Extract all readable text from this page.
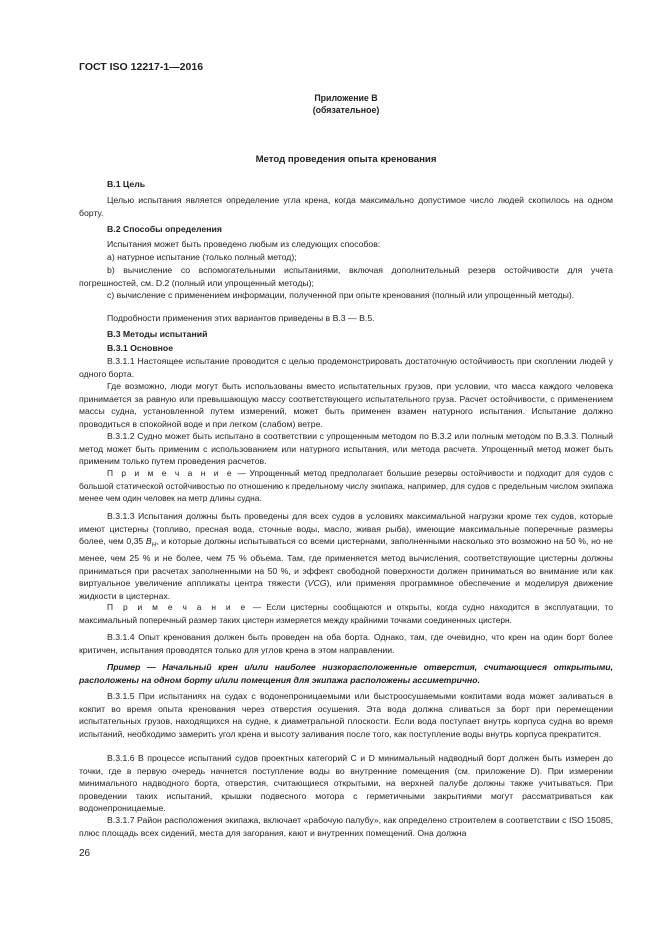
ГОСТ ISO 12217-1—2016
Приложение В
(обязательное)
Метод проведения опыта кренования
В.1 Цель
Целью испытания является определение угла крена, когда максимально допустимое число людей скопилось на одном борту.
В.2 Способы определения
Испытания может быть проведено любым из следующих способов:
а) натурное испытание (только полный метод);
b) вычисление со вспомогательными испытаниями, включая дополнительный резерв остойчивости для учета погрешностей, см. D.2 (полный или упрощенный методы);
с) вычисление с применением информации, полученной при опыте кренования (полный или упрощенный методы).
Подробности применения этих вариантов приведены в В.3 — В.5.
В.3 Методы испытаний
В.3.1 Основное
В.3.1.1 Настоящее испытание проводится с целью продемонстрировать достаточную остойчивость при скоплении людей у одного борта.
Где возможно, люди могут быть использованы вместо испытательных грузов, при условии, что масса каждого человека принимается за равную или превышающую массу соответствующего испытательного груза. Расчет остойчивости, с применением массы судна, установленной путем измерений, может быть применен взамен натурного испытания. Испытание должно проводиться в спокойной воде и при легком (слабом) ветре.
В.3.1.2 Судно может быть испытано в соответствии с упрощенным методом по В.3.2 или полным методом по В.3.3. Полный метод может быть применим с использованием или натурного испытания, или метода расчета. Упрощенный метод может быть применим только путем проведения расчетов.
П р и м е ч а н и е — Упрощенный метод предполагает большие резервы остойчивости и подходит для судов с большой статической остойчивостью по отношению к предельному числу экипажа, например, для судов с предельным числом экипажа менее чем один человек на метр длины судна.
В.3.1.3 Испытания должны быть проведены для всех судов в условиях максимальной нагрузки кроме тех судов, которые имеют цистерны (топливо, пресная вода, сточные воды, масло, живая рыба), имеющие максимальные поперечные размеры более, чем 0,35 $B_H$, и которые должны испытываться со всеми цистернами, заполненными насколько это возможно на 50 %, но не менее, чем 25 % и не более, чем 75 % объема. Там, где применяется метод вычисления, соответствующие цистерны должны приниматься при расчетах заполненными на 50 %, и эффект свободной поверхности должен приниматься во внимание или как виртуальное увеличение аппликаты центра тяжести (VCG), или применяя программное обеспечение и моделируя движение жидкости в цистернах.
П р и м е ч а н и е — Если цистерны сообщаются и открыты, когда судно находится в эксплуатации, то максимальный поперечный размер таких цистерн измеряется между крайними точками соединенных цистерн.
В.3.1.4 Опыт кренования должен быть проведен на оба борта. Однако, там, где очевидно, что крен на один борт более критичен, испытания проводятся только для углов крена в этом направлении.
Пример — Начальный крен и/или наиболее низкорасположенные отверстия, считающиеся открытыми, расположены на одном борту и/или помещения для экипажа расположены ассиметрично.
В.3.1.5 При испытаниях на судах с водонепроницаемыми или быстроосушаемыми кокпитами вода может заливаться в кокпит во время опыта кренования через отверстия осушения. Эта вода должна сливаться за борт при перемещении испытательных грузов, находящихся на судне, к диаметральной плоскости. Если вода поступает внутрь корпуса судна во время испытаний, необходимо замерить угол крена и высоту заливания после того, как поступление воды внутрь корпуса прекратится.
В.3.1.6 В процессе испытаний судов проектных категорий С и D минимальный надводный борт должен быть измерен до точки, где в первую очередь начнется поступление воды во внутренние помещения (см. приложение D). При измерении минимального надводного борта, отверстия, считающиеся открытыми, на верхней палубе должны также учитываться. При проведении таких испытаний, крышки подвесного мотора с герметичными закрытиями могут рассматриваться как водонепроницаемые.
В.3.1.7 Район расположения экипажа, включает «рабочую палубу», как определено строителем в соответствии с ISO 15085, плюс площадь всех сидений, места для загорания, кают и внутренних помещений. Она должна
26
